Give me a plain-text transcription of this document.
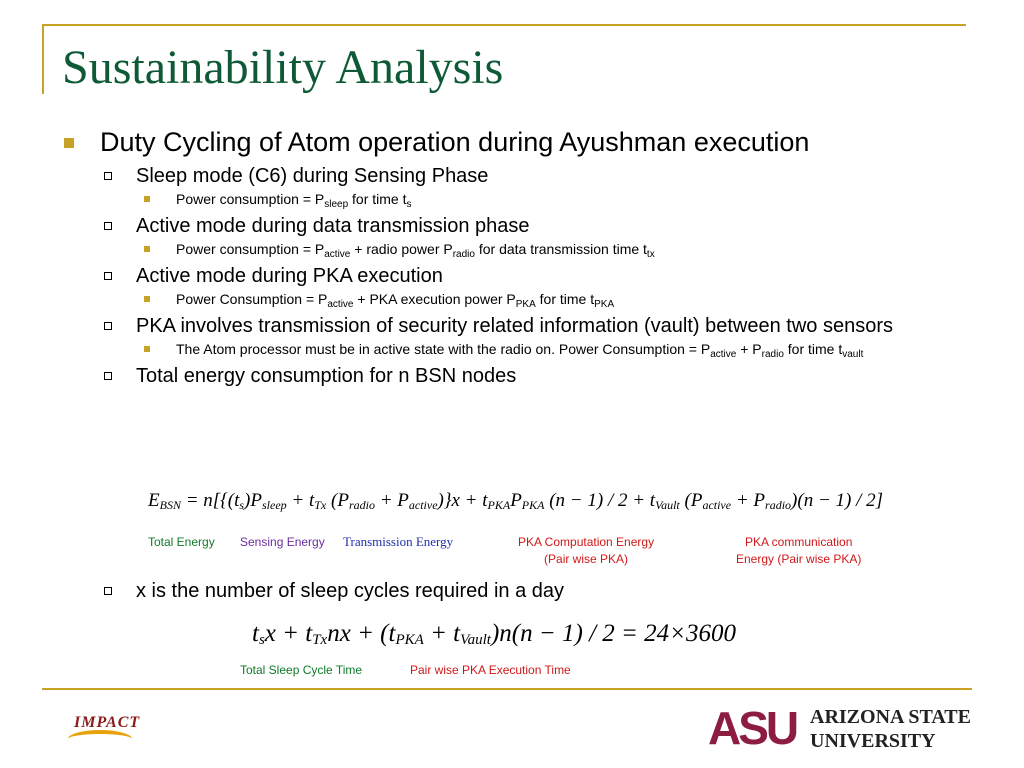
Sustainability Analysis
Duty Cycling of Atom operation during Ayushman execution
Sleep mode (C6) during Sensing Phase
Power consumption = $P_{sleep}$ for time $t_s$
Active mode during data transmission phase
Power consumption = $P_{active}$ + radio power $P_{radio}$ for data transmission time $t_{tx}$
Active mode during PKA execution
Power Consumption = $P_{active}$ + PKA execution power $P_{PKA}$ for time $t_{PKA}$
PKA involves transmission of security related information (vault) between two sensors
The Atom processor must be in active state with the radio on. Power Consumption = $P_{active} + P_{radio}$ for time $t_{vault}$
Total energy consumption for n BSN nodes
$E_{BSN} = n[\{(t_s)P_{sleep} + t_{Tx}$ $(P_{radio} + P_{active})\}x + t_{PKA}P_{PKA}$ $(n - 1) / 2 + t_{Vault}$ $(P_{active} + P_{radio})(n - 1) / 2$]
Total Energy Sensing Energy Transmission Energy	PKA Computation Energy
(Pair wise PKA)
PKA communication
Energy (Pair wise PKA)
x is the number of sleep cycles required in a day
$t_sx + t_{Tx}nx + (t_{PKA} + t_{Vault})n(n - 1) / 2 = 24\times 3600$
Total Sleep Cycle Time	Pair wise PKA Execution Time
IMPACT	ASU ARIZONA STATE
UNIVERSITY
